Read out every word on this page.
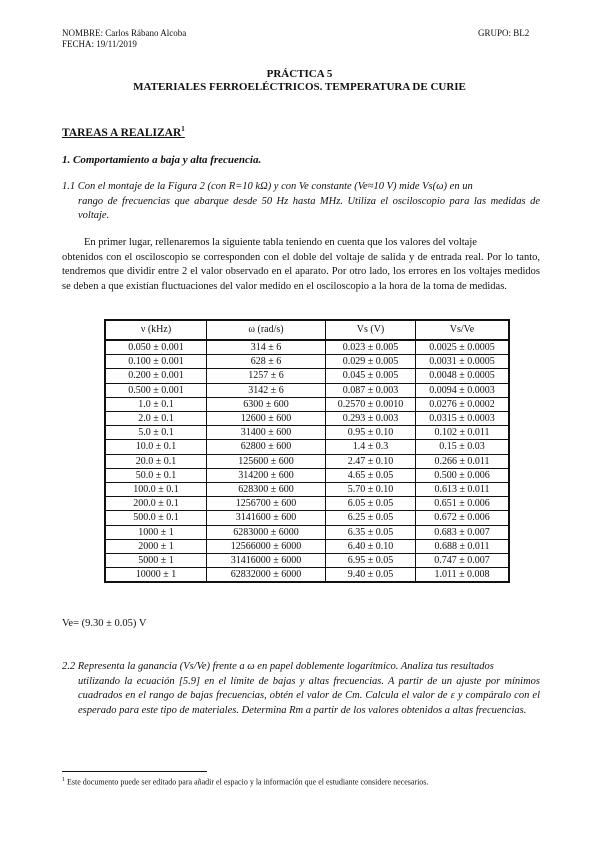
NOMBRE: Carlos Rábano Alcoba
FECHA: 19/11/2019
GRUPO: BL2
PRÁCTICA 5
MATERIALES FERROELÉCTRICOS. TEMPERATURA DE CURIE
TAREAS A REALIZAR$^1$
1. Comportamiento a baja y alta frecuencia.
1.1 Con el montaje de la Figura 2 (con R=10 kΩ) y con Ve constante (Ve≈10 V) mide Vs(ω) en un
rango de frecuencias que abarque desde 50 Hz hasta MHz. Utiliza el osciloscopio para las medidas de voltaje.
En primer lugar, rellenaremos la siguiente tabla teniendo en cuenta que los valores del voltaje
obtenidos con el osciloscopio se corresponden con el doble del voltaje de salida y de entrada real. Por lo tanto, tendremos que dividir entre 2 el valor observado en el aparato. Por otro lado, los errores en los voltajes medidos se deben a que existían fluctuaciones del valor medido en el osciloscopio a la hora de la toma de medidas.
ν (kHz)	ω (rad/s)	Vs (V)	Vs/Ve
0.050 ± 0.001	314 ± 6	0.023 ± 0.005	0.0025 ± 0.0005
0.100 ± 0.001	628 ± 6	0.029 ± 0.005	0.0031 ± 0.0005
0.200 ± 0.001	1257 ± 6	0.045 ± 0.005	0.0048 ± 0.0005
0.500 ± 0.001	3142 ± 6	0.087 ± 0.003	0.0094 ± 0.0003
1.0 ± 0.1	6300 ± 600	0.2570 ± 0.0010	0.0276 ± 0.0002
2.0 ± 0.1	12600 ± 600	0.293 ± 0.003	0.0315 ± 0.0003
5.0 ± 0.1	31400 ± 600	0.95 ± 0.10	0.102 ± 0.011
10.0 ± 0.1	62800 ± 600	1.4 ± 0.3	0.15 ± 0.03
20.0 ± 0.1	125600 ± 600	2.47 ± 0.10	0.266 ± 0.011
50.0 ± 0.1	314200 ± 600	4.65 ± 0.05	0.500 ± 0.006
100.0 ± 0.1	628300 ± 600	5.70 ± 0.10	0.613 ± 0.011
200.0 ± 0.1	1256700 ± 600	6.05 ± 0.05	0.651 ± 0.006
500.0 ± 0.1	3141600 ± 600	6.25 ± 0.05	0.672 ± 0.006
1000 ± 1	6283000 ± 6000	6.35 ± 0.05	0.683 ± 0.007
2000 ± 1	12566000 ± 6000	6.40 ± 0.10	0.688 ± 0.011
5000 ± 1	31416000 ± 6000	6.95 ± 0.05	0.747 ± 0.007
10000 ± 1	62832000 ± 6000	9.40 ± 0.05	1.011 ± 0.008
Ve= (9.30 ± 0.05) V
2.2 Representa la ganancia (Vs/Ve) frente a ω en papel doblemente logarítmico. Analiza tus resultados
utilizando la ecuación [5.9] en el límite de bajas y altas frecuencias. A partir de un ajuste por mínimos cuadrados en el rango de bajas frecuencias, obtén el valor de Cm. Calcula el valor de ε y compáralo con el esperado para este tipo de materiales. Determina Rm a partir de los valores obtenidos a altas frecuencias.
$^1$ Este documento puede ser editado para añadir el espacio y la información que el estudiante considere necesarios.
